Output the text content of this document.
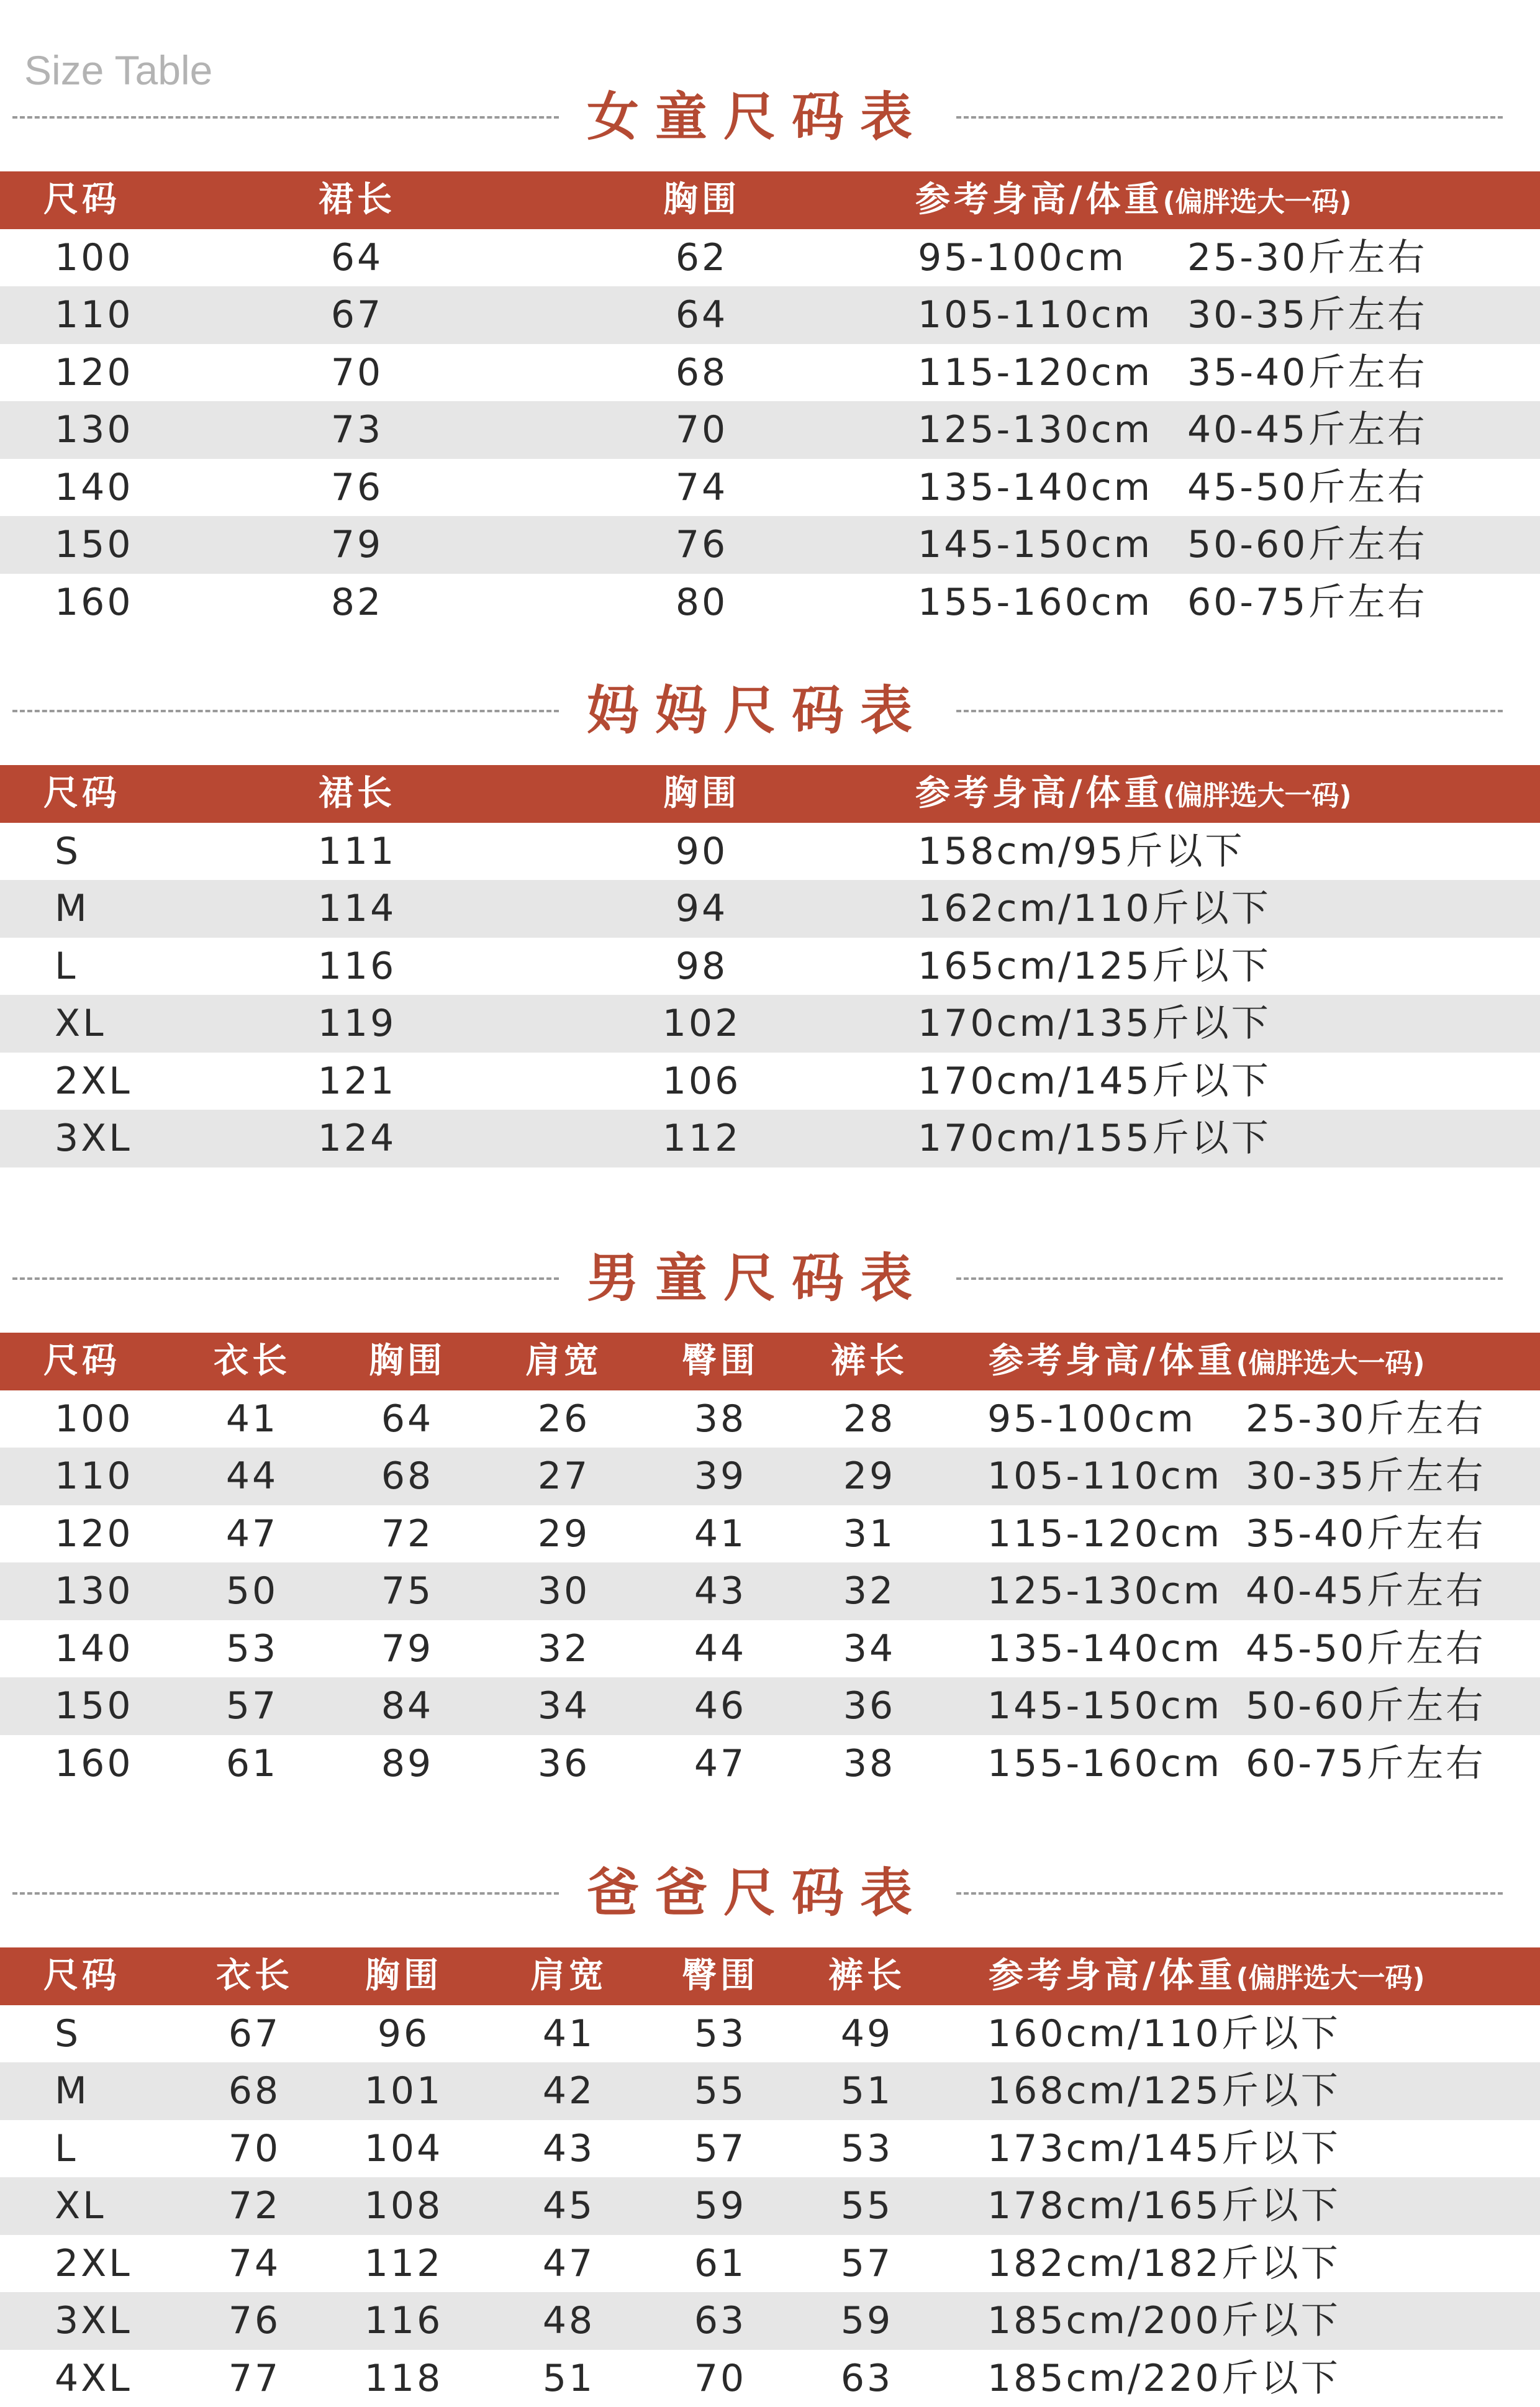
Size Table
女童尺码表
尺码	裙长	胸围	参考身高/体重(偏胖选大一码)
100	64	62	95-100cm	25-30斤左右
110	67	64	105-110cm 30-35斤左右
120	70	68	115-120cm 35-40斤左右
130	73	70	125-130cm 40-45斤左右
140	76	74	135-140cm 45-50斤左右
150	79	76	145-150cm 50-60斤左右
160	82	80	155-160cm 60-75斤左右
妈妈尺码表
尺码	裙长	胸围	参考身高/体重(偏胖选大一码)
S	111	90	158cm/95斤以下
M	114	94	162cm/110斤以下
L	116	98	165cm/125斤以下
XL	119	102	170cm/135斤以下
2XL	121	106	170cm/145斤以下
3XL	124	112	170cm/155斤以下
男童尺码表
尺码	衣长	胸围	肩宽	臀围	裤长	参考身高/体重(偏胖选大一码)
100	41	64	26	38	28	95-100cm	25-30斤左右
110	44	68	27	39	29	105-110cm 30-35斤左右
120	47	72	29	41	31	115-120cm 35-40斤左右
130	50	75	30	43	32	125-130cm 40-45斤左右
140	53	79	32	44	34	135-140cm 45-50斤左右
150	57	84	34	46	36	145-150cm 50-60斤左右
160	61	89	36	47	38	155-160cm 60-75斤左右
爸爸尺码表
尺码	衣长	胸围	肩宽	臀围	裤长	参考身高/体重(偏胖选大一码)
S	67	96	41	53	49	160cm/110斤以下
M	68	101	42	55	51	168cm/125斤以下
L	70	104	43	57	53	173cm/145斤以下
XL	72	108	45	59	55	178cm/165斤以下
2XL	74	112	47	61	57	182cm/182斤以下
3XL	76	116	48	63	59	185cm/200斤以下
4XL	77	118	51	70	63	185cm/220斤以下
